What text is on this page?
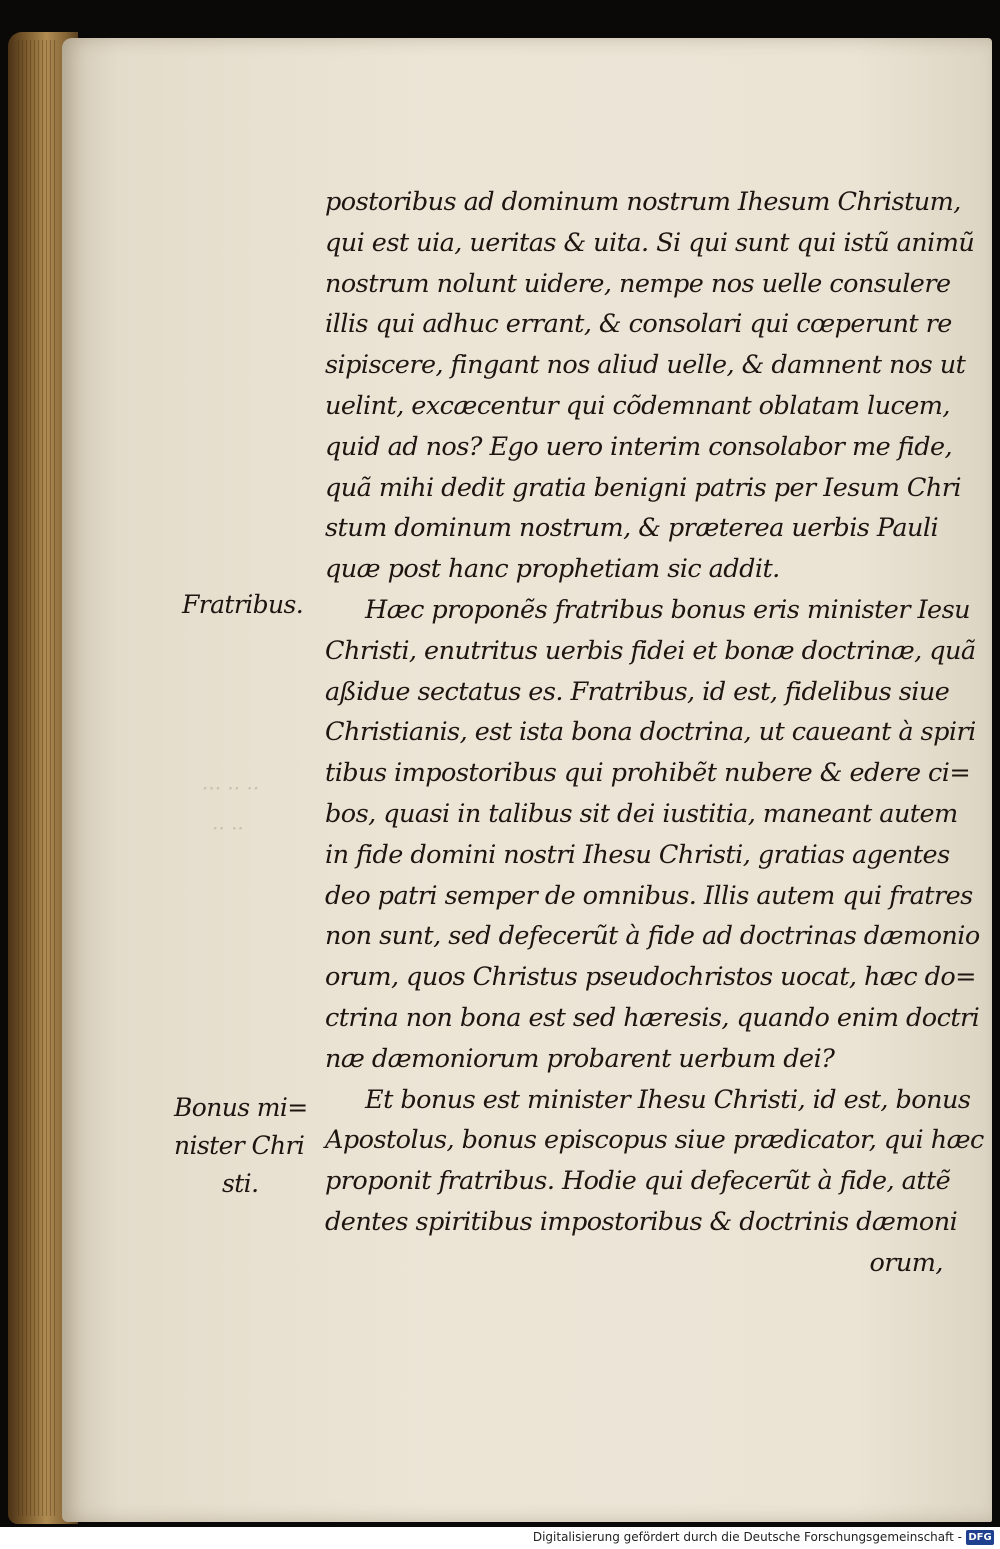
··· ·· ··
·· ··
postoribus ad dominum nostrum Ihesum Christum,
qui est uia, ueritas & uita. Si qui sunt qui istũ animũ
nostrum nolunt uidere, nempe nos uelle consulere
illis qui adhuc errant, & consolari qui cœperunt re
sipiscere, fingant nos aliud uelle, & damnent nos ut
uelint, excæcentur qui cõdemnant oblatam lucem,
quid ad nos? Ego uero interim consolabor me fide,
quã mihi dedit gratia benigni patris per Iesum Chri
stum dominum nostrum, & præterea uerbis Pauli
quæ post hanc prophetiam sic addit.
Hæc proponẽs fratribus bonus eris minister Iesu
Christi, enutritus uerbis fidei et bonæ doctrinæ, quã
aßidue sectatus es. Fratribus, id est, fidelibus siue
Christianis, est ista bona doctrina, ut caueant à spiri
tibus impostoribus qui prohibẽt nubere & edere ci=
bos, quasi in talibus sit dei iustitia, maneant autem
in fide domini nostri Ihesu Christi, gratias agentes
deo patri semper de omnibus. Illis autem qui fratres
non sunt, sed defecerũt à fide ad doctrinas dæmonio
orum, quos Christus pseudochristos uocat, hæc do=
ctrina non bona est sed hæresis, quando enim doctri
næ dæmoniorum probarent uerbum dei?
Et bonus est minister Ihesu Christi, id est, bonus
Apostolus, bonus episcopus siue prædicator, qui hæc
proponit fratribus. Hodie qui defecerũt à fide, attẽ
dentes spiritibus impostoribus & doctrinis dæmoni
orum,
Fratribus.
Bonus mi=
nister Chri
sti.
Digitalisierung gefördert durch die Deutsche Forschungsgemeinschaft - DFG
